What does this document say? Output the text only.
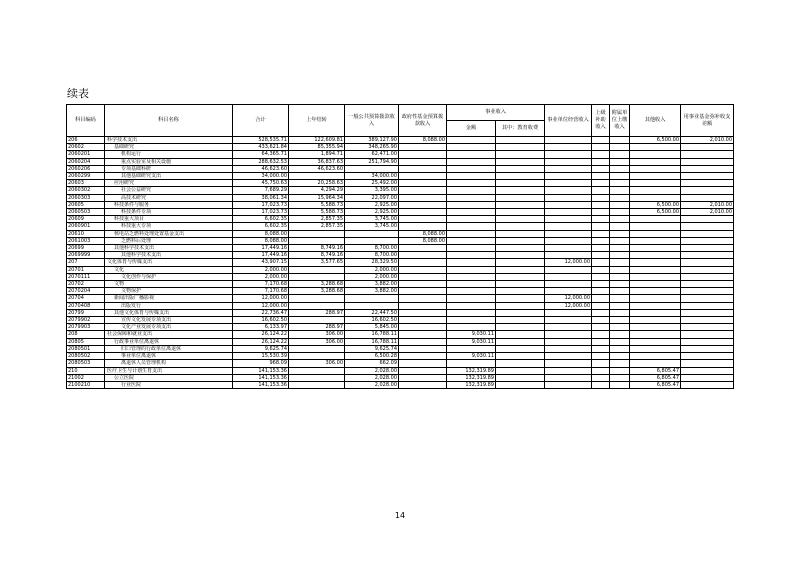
续表
科目编码	科目名称	合计	上年结转	一般公共预算拨款收入	政府性基金预算拨款收入	事业收入		事业单位经营收入	上级补助收入	附属单位上缴收入	其他收入	用事业基金弥补收支差额
						金额	其中：教育收费					
206	科学技术支出	528,535.71	122,609.81	389,127.90	8,088.00						6,500.00	2,010.00
20602	基础研究	433,621.84	85,355.94	348,265.90								
2060201	机构运行	64,365.71	1,894.71	62,471.00								
2060204	重点实验室及相关设施	288,632.53	36,837.63	251,794.90								
2060206	专项基础科研	46,623.60	46,623.60									
2060299	其他基础研究支出	34,000.00		34,000.00								
20603	应用研究	45,750.63	20,258.63	25,492.00								
2060302	社会公益研究	7,689.29	4,294.29	3,395.00								
2060303	高技术研究	38,061.34	15,964.34	22,097.00								
20605	科技条件与服务	17,023.73	5,588.73	2,925.00							6,500.00	2,010.00
2060503	科技条件专项	17,023.73	5,588.73	2,925.00							6,500.00	2,010.00
20609	科技重大项目	6,602.35	2,857.35	3,745.00								
2060901	科技重大专项	6,602.35	2,857.35	3,745.00								
20610	核电站乏燃料处理处置基金支出	8,088.00			8,088.00							
2061003	乏燃料后处理	8,088.00			8,088.00							
20699	其他科学技术支出	17,449.16	8,749.16	8,700.00								
2069999	其他科学技术支出	17,449.16	8,749.16	8,700.00								
207	文化体育与传媒支出	43,907.15	3,577.65	28,329.50				12,000.00				
20701	文化	2,000.00		2,000.00								
2070111	文化创作与保护	2,000.00		2,000.00								
20702	文物	7,170.68	3,288.68	3,882.00								
2070204	文物保护	7,170.68	3,288.68	3,882.00								
20704	新闻出版广播影视	12,000.00						12,000.00				
2070408	出版发行	12,000.00						12,000.00				
20799	其他文化体育与传媒支出	22,736.47	288.97	22,447.50								
2079902	宣传文化发展专项支出	16,602.50		16,602.50								
2079903	文化产业发展专项支出	6,133.97	288.97	5,845.00								
208	社会保障和就业支出	26,124.22	306.00	16,788.11		9,030.11						
20805	行政事业单位离退休	26,124.22	306.00	16,788.11		9,030.11						
2080501	归口管理的行政单位离退休	9,625.74		9,625.74								
2080502	事业单位离退休	15,530.39		6,500.28		9,030.11						
2080503	离退休人员管理机构	968.09	306.00	662.09								
210	医疗卫生与计划生育支出	141,153.36		2,028.00		132,319.89					6,805.47	
21002	公立医院	141,153.36		2,028.00		132,319.89					6,805.47	
2100210	行业医院	141,153.36		2,028.00		132,319.89					6,805.47	
14
